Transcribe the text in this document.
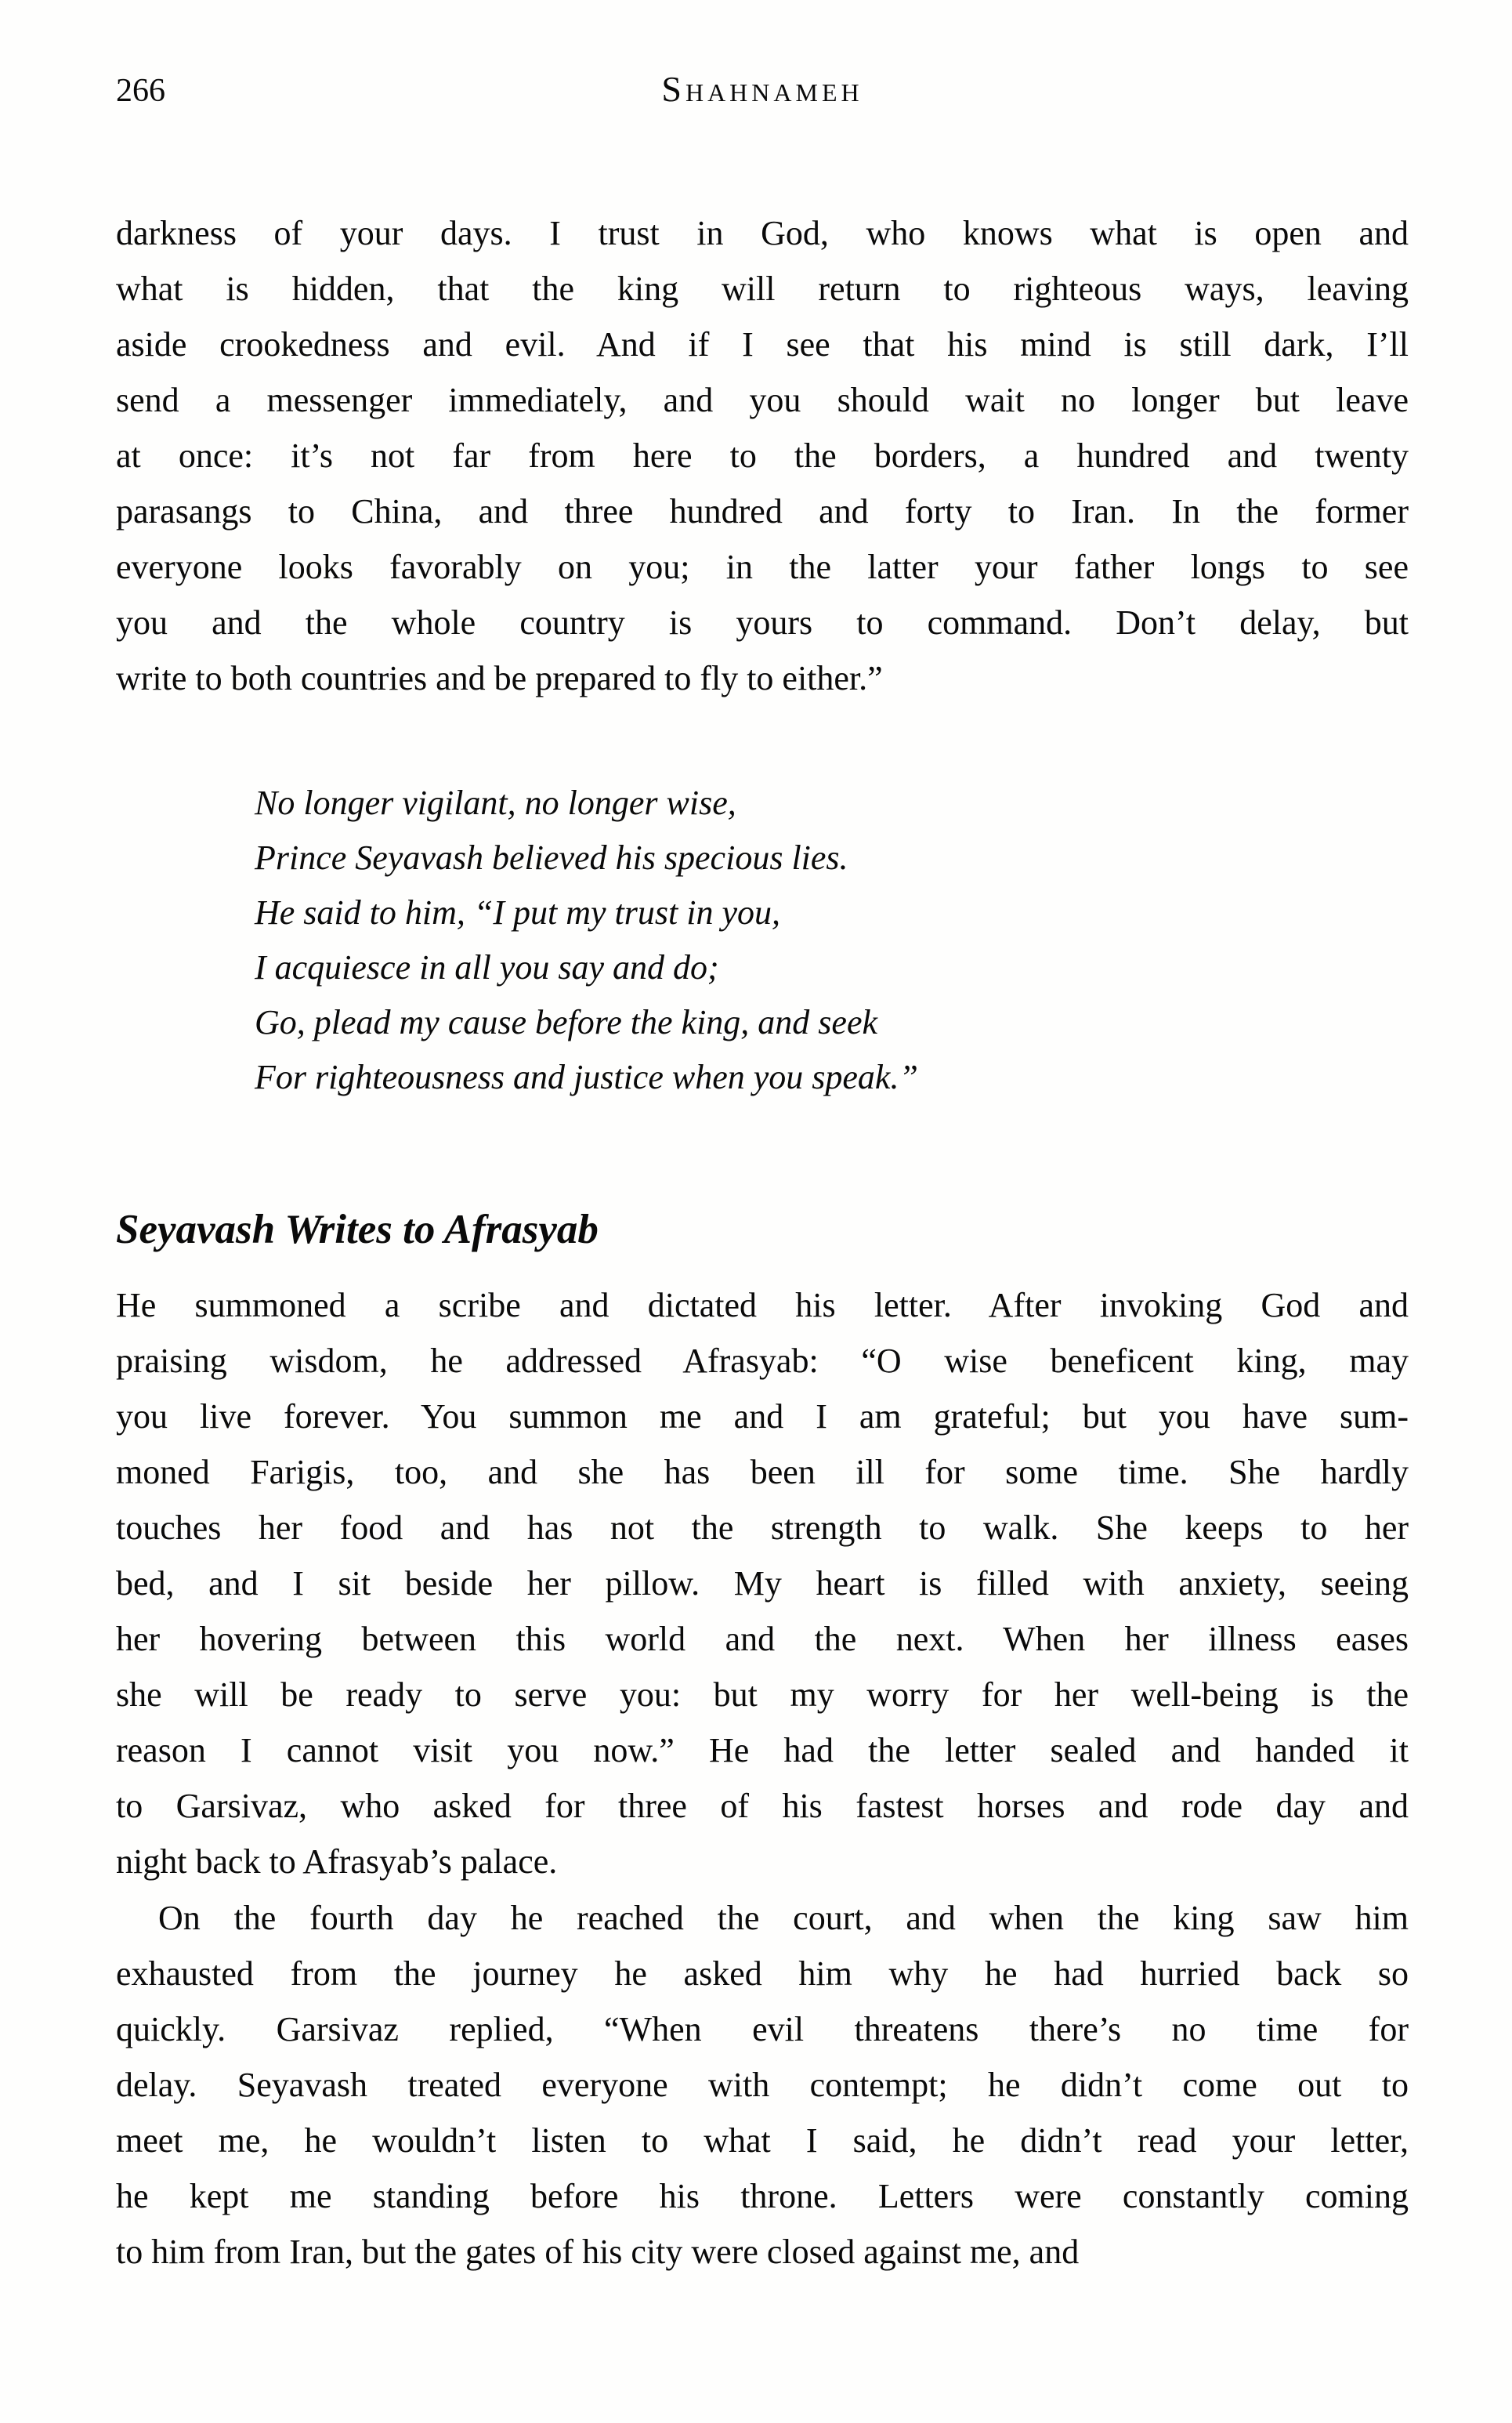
266	Shahnameh
darkness of your days. I trust in God, who knows what is open and
what is hidden, that the king will return to righteous ways, leaving
aside crookedness and evil. And if I see that his mind is still dark, I’ll
send a messenger immediately, and you should wait no longer but leave
at once: it’s not far from here to the borders, a hundred and twenty
parasangs to China, and three hundred and forty to Iran. In the former
everyone looks favorably on you; in the latter your father longs to see
you and the whole country is yours to command. Don’t delay, but
write to both countries and be prepared to fly to either.”
No longer vigilant, no longer wise,
Prince Seyavash believed his specious lies.
He said to him, “I put my trust in you,
I acquiesce in all you say and do;
Go, plead my cause before the king, and seek
For righteousness and justice when you speak.”
Seyavash Writes to Afrasyab
He summoned a scribe and dictated his letter. After invoking God and
praising wisdom, he addressed Afrasyab: “O wise beneficent king, may
you live forever. You summon me and I am grateful; but you have sum-
moned Farigis, too, and she has been ill for some time. She hardly
touches her food and has not the strength to walk. She keeps to her
bed, and I sit beside her pillow. My heart is filled with anxiety, seeing
her hovering between this world and the next. When her illness eases
she will be ready to serve you: but my worry for her well-being is the
reason I cannot visit you now.” He had the letter sealed and handed it
to Garsivaz, who asked for three of his fastest horses and rode day and
night back to Afrasyab’s palace.
On the fourth day he reached the court, and when the king saw him
exhausted from the journey he asked him why he had hurried back so
quickly. Garsivaz replied, “When evil threatens there’s no time for
delay. Seyavash treated everyone with contempt; he didn’t come out to
meet me, he wouldn’t listen to what I said, he didn’t read your letter,
he kept me standing before his throne. Letters were constantly coming
to him from Iran, but the gates of his city were closed against me, and
